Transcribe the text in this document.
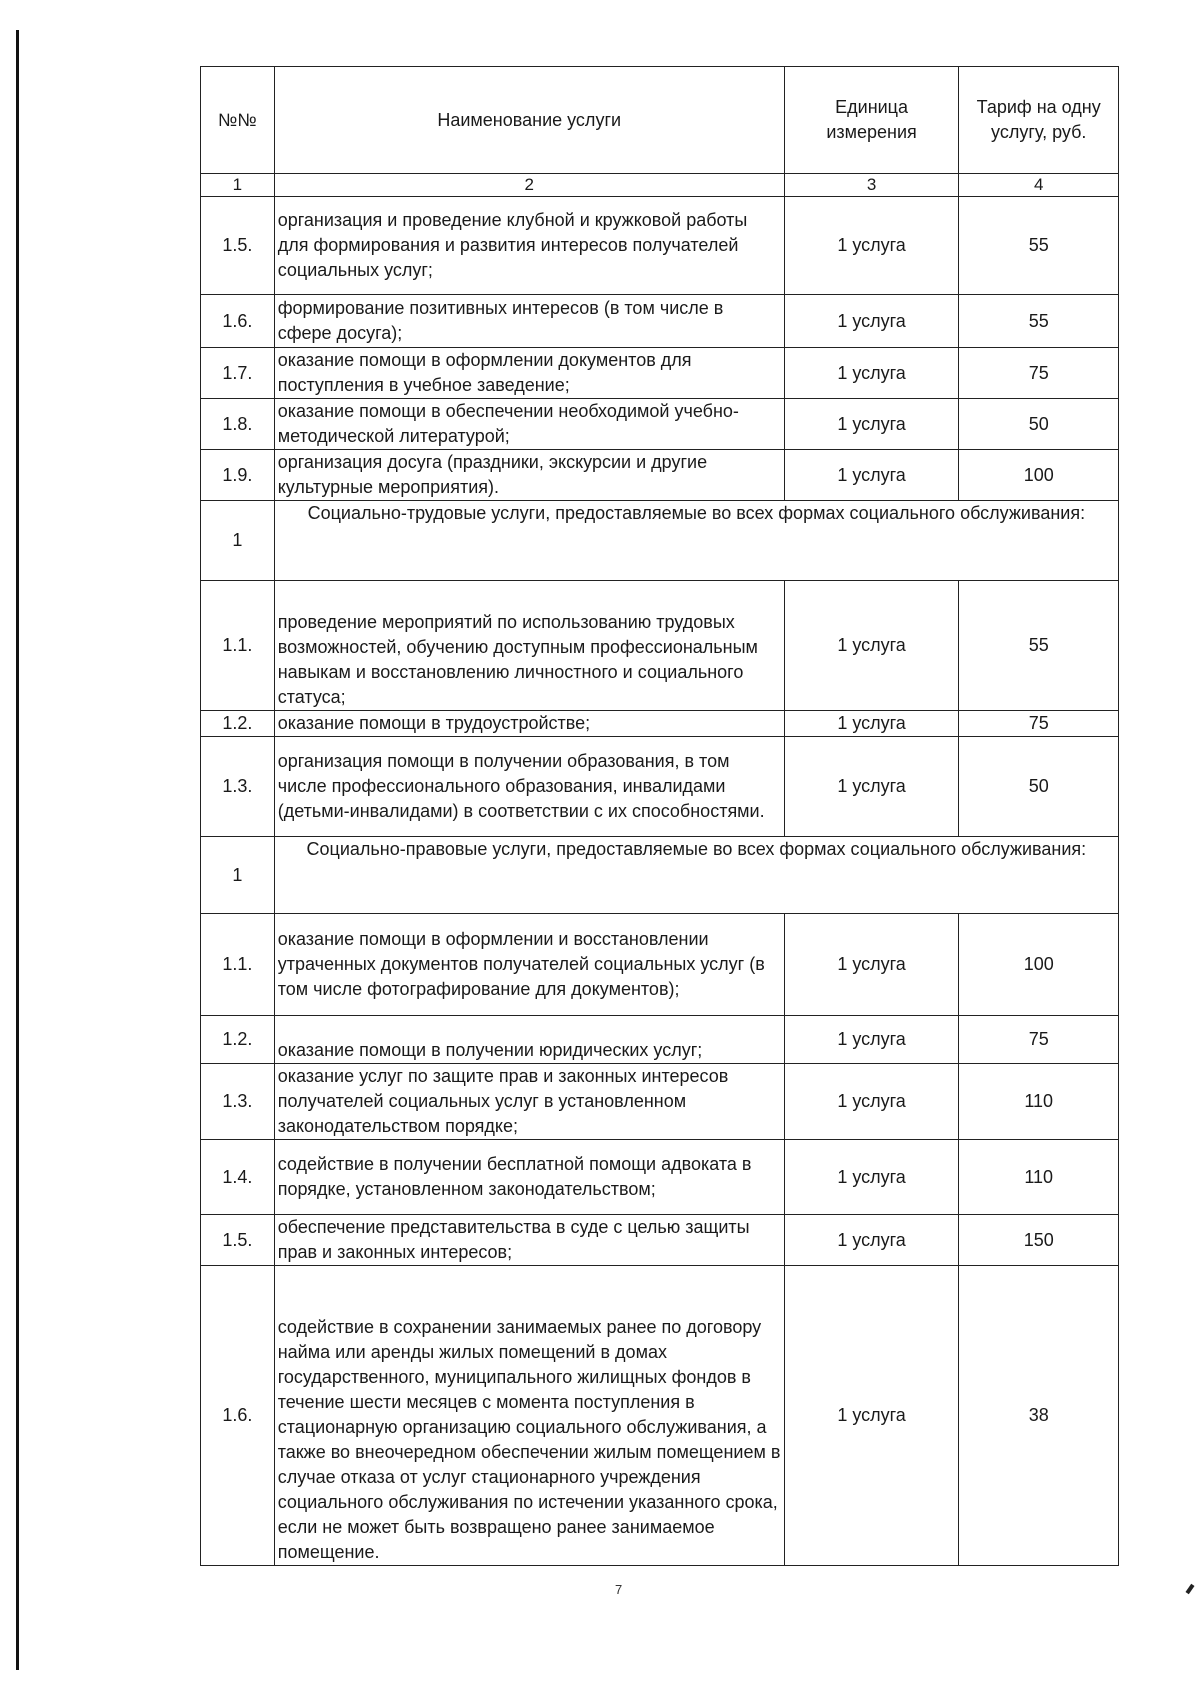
№№	Наименование услуги	Единица измерения	Тариф на одну услугу, руб.
1	2	3	4
1.5.	организация и проведение клубной и кружковой работы для формирования и развития интересов получателей социальных услуг;	1 услуга	55
1.6.	формирование позитивных интересов (в том числе в сфере досуга);	1 услуга	55
1.7.	оказание помощи в оформлении документов для поступления в учебное заведение;	1 услуга	75
1.8.	оказание помощи в обеспечении необходимой учебно-методической литературой;	1 услуга	50
1.9.	организация досуга (праздники, экскурсии и другие культурные мероприятия).	1 услуга	100
1	Социально-трудовые услуги, предоставляемые во всех формах социального обслуживания:		
1.1.	проведение мероприятий по использованию трудовых возможностей, обучению доступным профессиональным навыкам и восстановлению личностного и социального статуса;	1 услуга	55
1.2.	оказание помощи в трудоустройстве;	1 услуга	75
1.3.	организация помощи в получении образования, в том числе профессионального образования, инвалидами (детьми-инвалидами) в соответствии с их способностями.	1 услуга	50
1	Социально-правовые услуги, предоставляемые во всех формах социального обслуживания:		
1.1.	оказание помощи в оформлении и восстановлении утраченных документов получателей социальных услуг (в том числе фотографирование для документов);	1 услуга	100
1.2.	оказание помощи в получении юридических услуг;	1 услуга	75
1.3.	оказание услуг по защите прав и законных интересов получателей социальных услуг в установленном законодательством порядке;	1 услуга	110
1.4.	содействие в получении бесплатной помощи адвоката в порядке, установленном законодательством;	1 услуга	110
1.5.	обеспечение представительства в суде с целью защиты прав и законных интересов;	1 услуга	150
1.6.	содействие в сохранении занимаемых ранее по договору найма или аренды жилых помещений в домах государственного, муниципального жилищных фондов в течение шести месяцев с момента поступления в стационарную организацию социального обслуживания, а также во внеочередном обеспечении жилым помещением в случае отказа от услуг стационарного учреждения социального обслуживания по истечении указанного срока, если не может быть возвращено ранее занимаемое помещение.	1 услуга	38
7
